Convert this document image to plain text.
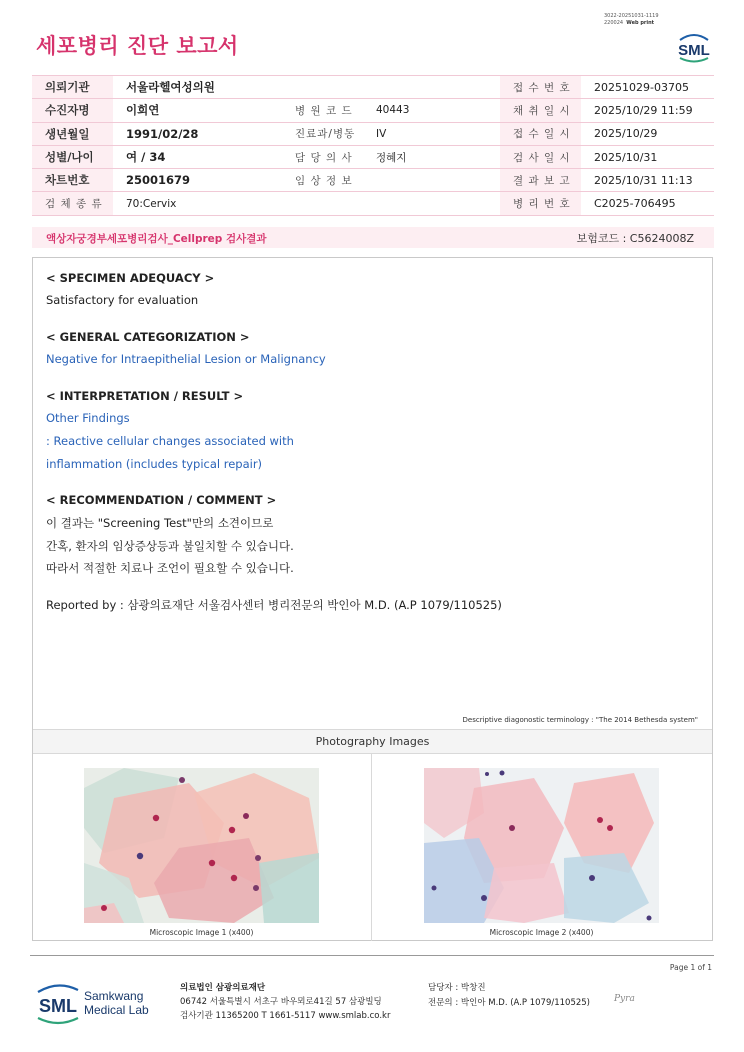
세포병리 진단 보고서
3022-20251031-1119
220024 Web print
SML
의뢰기관	서울라헬여성의원			접 수 번 호	20251029-03705
수진자명	이희연	병 원 코 드	40443	채 취 일 시	2025/10/29 11:59
생년월일	1991/02/28	진료과/병동	IV	접 수 일 시	2025/10/29
성별/나이	여 / 34	담 당 의 사	정혜지	검 사 일 시	2025/10/31
차트번호	25001679	임 상 정 보		결 과 보 고	2025/10/31 11:13
검 체 종 류	70:Cervix			병 리 번 호	C2025-706495
액상자궁경부세포병리검사_Cellprep 검사결과	보험코드 : C5624008Z
< SPECIMEN ADEQUACY >
Satisfactory for evaluation
< GENERAL CATEGORIZATION >
Negative for Intraepithelial Lesion or Malignancy
< INTERPRETATION / RESULT >
Other Findings
: Reactive cellular changes associated with
inflammation (includes typical repair)
< RECOMMENDATION / COMMENT >
이 결과는 "Screening Test"만의 소견이므로
간혹, 환자의 임상증상등과 불일치할 수 있습니다.
따라서 적절한 치료나 조언이 필요할 수 있습니다.
Reported by : 삼광의료재단 서울검사센터 병리전문의 박인아 M.D. (A.P 1079/110525)
Descriptive diagonostic terminology : "The 2014 Bethesda system"
Photography Images
Microscopic Image 1 (x400)	Microscopic Image 2 (x400)
Page 1 of 1
SML Samkwang
Medical Lab
의료법인 삼광의료재단
06742 서울특별시 서초구 바우뫼로41길 57 삼광빌딩
검사기관 11365200 T 1661-5117 www.smlab.co.kr
담당자 : 박창진
전문의 : 박인아 M.D. (A.P 1079/110525)	Pyra
